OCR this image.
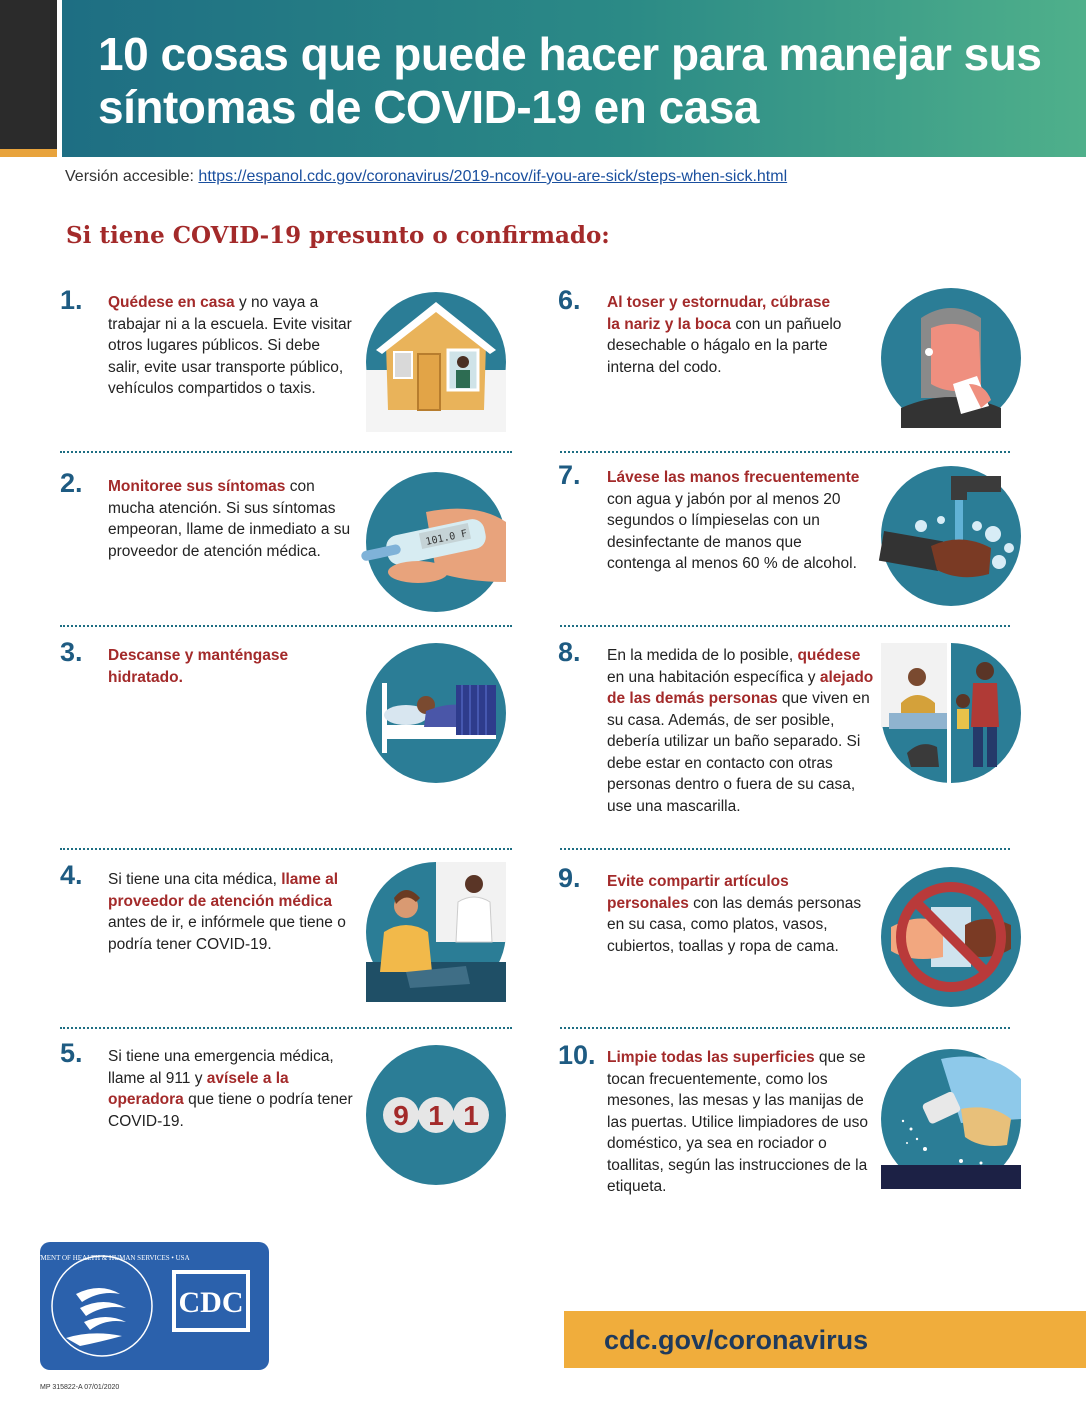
10 cosas que puede hacer para manejar sus síntomas de COVID-19 en casa
Versión accesible: https://espanol.cdc.gov/coronavirus/2019-ncov/if-you-are-sick/steps-when-sick.html
Si tiene COVID-19 presunto o confirmado:
1. Quédese en casa y no vaya a trabajar ni a la escuela. Evite visitar otros lugares públicos. Si debe salir, evite usar transporte público, vehículos compartidos o taxis.

2. Monitoree sus síntomas con mucha atención. Si sus síntomas empeoran, llame de inmediato a su proveedor de atención médica.

101.0 F
3. Descanse y manténgase hidratado.

4. Si tiene una cita médica, llame al proveedor de atención médica antes de ir, e infórmele que tiene o podría tener COVID-19.

5. Si tiene una emergencia médica, llame al 911 y avísele a la operadora que tiene o podría tener COVID-19.	9 1 1
6. Al toser y estornudar, cúbrase la nariz y la boca con un pañuelo desechable o hágalo en la parte interna del codo.

7. Lávese las manos frecuentemente con agua y jabón por al menos 20 segundos o límpieselas con un desinfectante de manos que contenga al menos 60 % de alcohol.

8. En la medida de lo posible, quédese en una habitación específica y alejado de las demás personas que viven en su casa. Además, de ser posible, debería utilizar un baño separado. Si debe estar en contacto con otras personas dentro o fuera de su casa, use una mascarilla.

9. Evite compartir artículos personales con las demás personas en su casa, como platos, vasos, cubiertos, toallas y ropa de cama.

10. Limpie todas las superficies que se tocan frecuentemente, como los mesones, las mesas y las manijas de las puertas. Utilice limpiadores de uso doméstico, ya sea en rociador o toallitas, según las instrucciones de la etiqueta.

DEPARTMENT OF HEALTH & HUMAN SERVICES • USA
CDC
cdc.gov/coronavirus
MP 315822-A 07/01/2020
